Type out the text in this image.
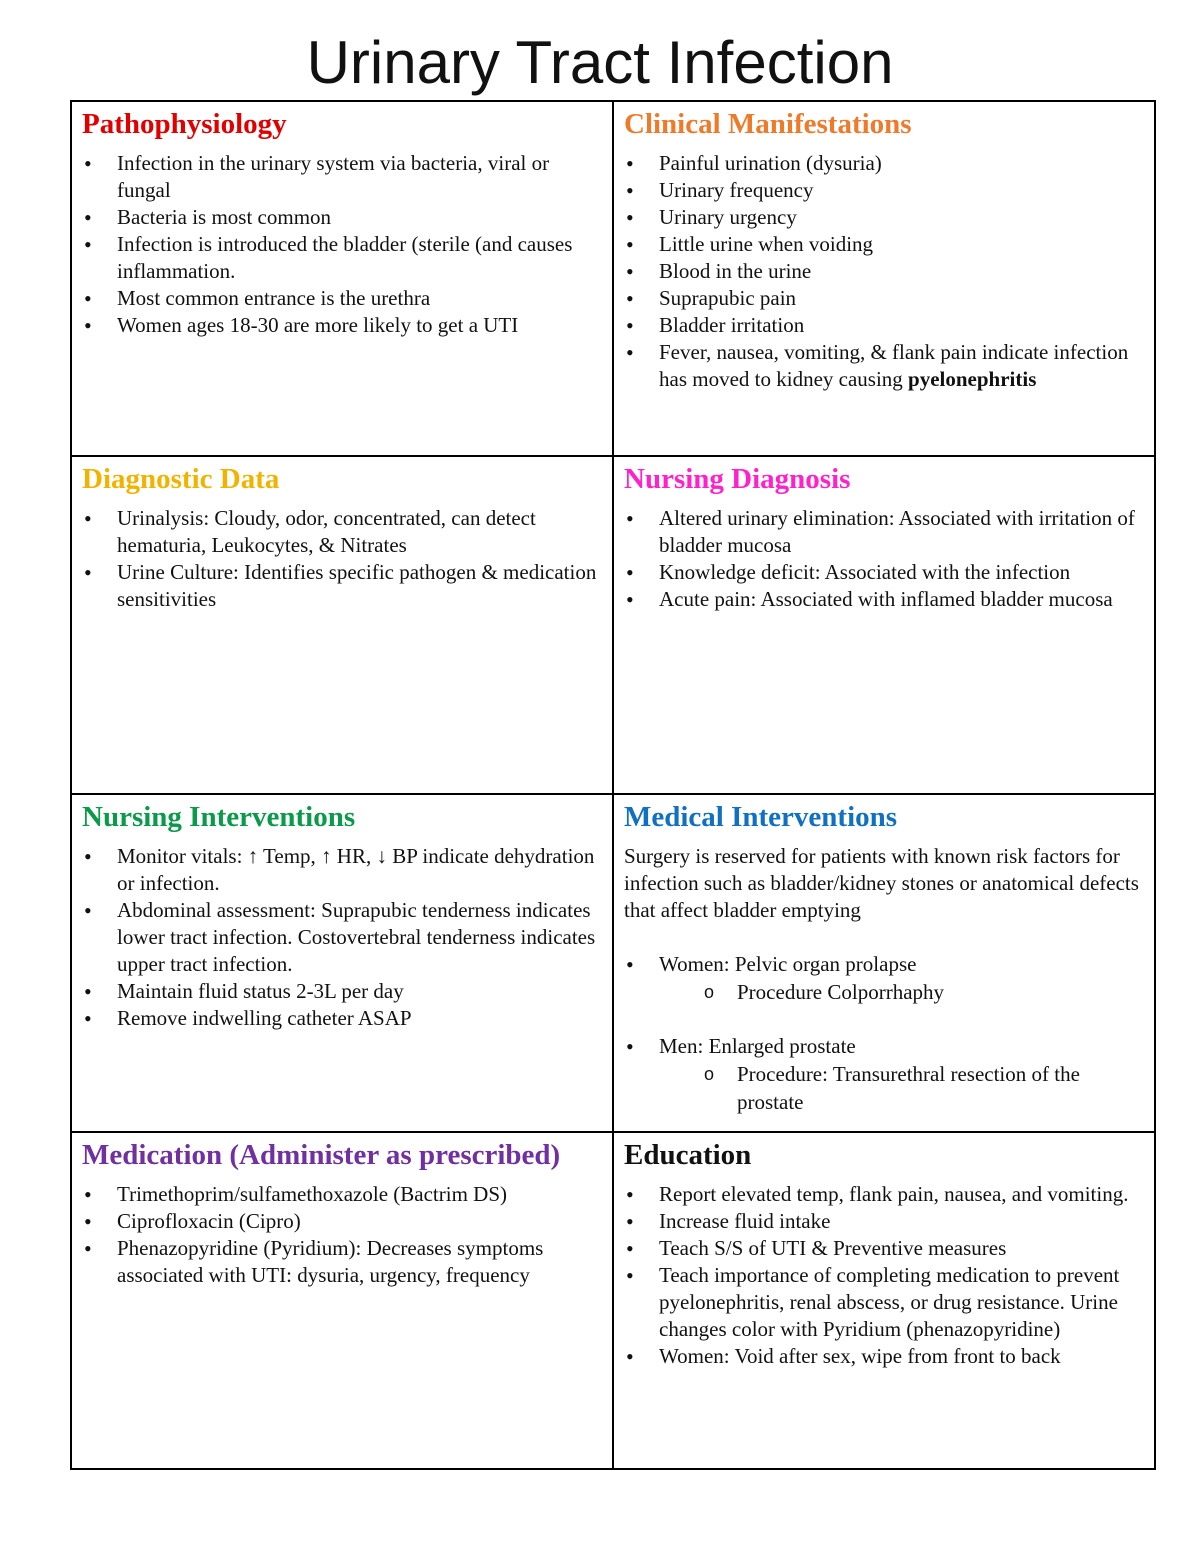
Urinary Tract Infection
Pathophysiology
• Infection in the urinary system via bacteria, viral or fungal
• Bacteria is most common
• Infection is introduced the bladder (sterile (and causes inflammation.
• Most common entrance is the urethra
• Women ages 18-30 are more likely to get a UTI
Clinical Manifestations
• Painful urination (dysuria)
• Urinary frequency
• Urinary urgency
• Little urine when voiding
• Blood in the urine
• Suprapubic pain
• Bladder irritation
• Fever, nausea, vomiting, & flank pain indicate infection has moved to kidney causing pyelonephritis
Diagnostic Data
• Urinalysis: Cloudy, odor, concentrated, can detect hematuria, Leukocytes, & Nitrates
• Urine Culture: Identifies specific pathogen & medication sensitivities
Nursing Diagnosis
• Altered urinary elimination: Associated with irritation of bladder mucosa
• Knowledge deficit: Associated with the infection
• Acute pain: Associated with inflamed bladder mucosa
Nursing Interventions
• Monitor vitals: ↑ Temp, ↑ HR, ↓ BP indicate dehydration or infection.
• Abdominal assessment: Suprapubic tenderness indicates lower tract infection. Costovertebral tenderness indicates upper tract infection.
• Maintain fluid status 2-3L per day
• Remove indwelling catheter ASAP
Medical Interventions

Surgery is reserved for patients with known risk factors for infection such as bladder/kidney stones or anatomical defects that affect bladder emptying

• Women: Pelvic organ prolapse
o Procedure Colporrhaphy
• Men: Enlarged prostate
o Procedure: Transurethral resection of the prostate
Medication (Administer as prescribed)
• Trimethoprim/sulfamethoxazole (Bactrim DS)
• Ciprofloxacin (Cipro)
• Phenazopyridine (Pyridium): Decreases symptoms associated with UTI: dysuria, urgency, frequency
Education
• Report elevated temp, flank pain, nausea, and vomiting.
• Increase fluid intake
• Teach S/S of UTI & Preventive measures
• Teach importance of completing medication to prevent pyelonephritis, renal abscess, or drug resistance. Urine changes color with Pyridium (phenazopyridine)
• Women: Void after sex, wipe from front to back
